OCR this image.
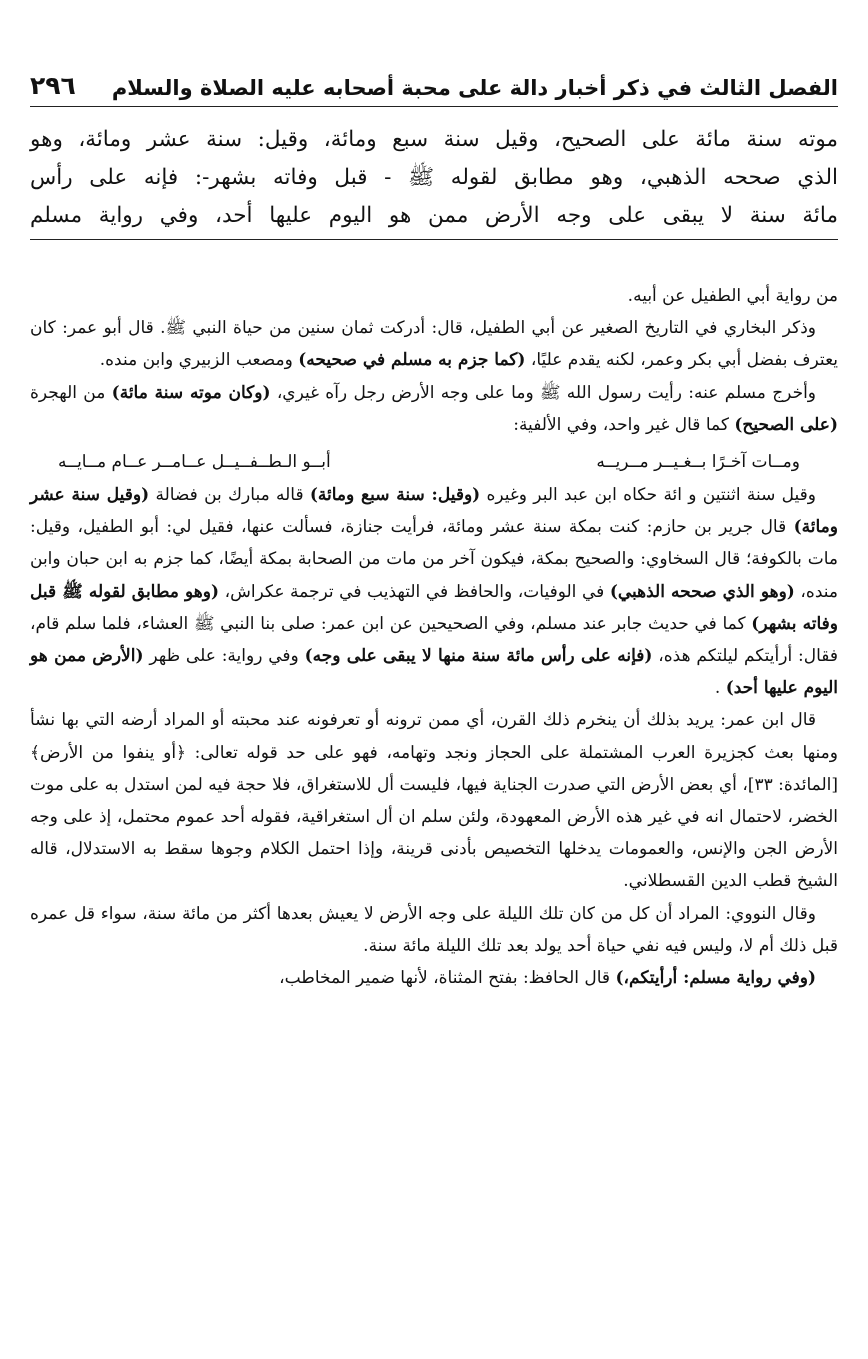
الفصل الثالث في ذكر أخبار دالة على محبة أصحابه عليه الصلاة والسلام
٢٩٦

موته سنة مائة على الصحيح، وقيل سنة سبع ومائة، وقيل: سنة عشر ومائة، وهو

الذي صححه الذهبي، وهو مطابق لقوله ﷺ - قبل وفاته بشهر-: فإنه على رأس

مائة سنة لا يبقى على وجه الأرض ممن هو اليوم عليها أحد، وفي رواية مسلم

من رواية أبي الطفيل عن أبيه.

وذكر البخاري في التاريخ الصغير عن أبي الطفيل، قال: أدركت ثمان سنين من حياة النبي ﷺ. قال أبو عمر: كان يعترف بفضل أبي بكر وعمر، لكنه يقدم عليًا، (كما جزم به مسلم في صحيحه) ومصعب الزبيري وابن منده.

وأخرج مسلم عنه: رأيت رسول الله ﷺ وما على وجه الأرض رجل رآه غيري، (وكان موته سنة مائة) من الهجرة (على الصحيح) كما قال غير واحد، وفي الألفية:

ومــات آخـرًا بــغـيــر مــريــه
أبــو الـطــفــيــل عــامــر عــام مــايــه

وقيل سنة اثنتين و ائة حكاه ابن عبد البر وغيره (وقيل: سنة سبع ومائة) قاله مبارك بن فضالة (وقيل سنة عشر ومائة) قال جرير بن حازم: كنت بمكة سنة عشر ومائة، فرأيت جنازة، فسألت عنها، فقيل لي: أبو الطفيل، وقيل: مات بالكوفة؛ قال السخاوي: والصحيح بمكة، فيكون آخر من مات من الصحابة بمكة أيضًا، كما جزم به ابن حبان وابن منده، (وهو الذي صححه الذهبي) في الوفيات، والحافظ في التهذيب في ترجمة عكراش، (وهو مطابق لقوله ﷺ قبل وفاته بشهر) كما في حديث جابر عند مسلم، وفي الصحيحين عن ابن عمر: صلى بنا النبي ﷺ العشاء، فلما سلم قام، فقال: أرأيتكم ليلتكم هذه، (فإنه على رأس مائة سنة منها لا يبقى على وجه) وفي رواية: على ظهر (الأرض ممن هو اليوم عليها أحد) .

قال ابن عمر: يريد بذلك أن ينخرم ذلك القرن، أي ممن ترونه أو تعرفونه عند محبته أو المراد أرضه التي بها نشأ ومنها بعث كجزيرة العرب المشتملة على الحجاز ونجد وتهامه، فهو على حد قوله تعالى: ﴿أو ينفوا من الأرض﴾ [المائدة: ٣٣]، أي بعض الأرض التي صدرت الجناية فيها، فليست أل للاستغراق، فلا حجة فيه لمن استدل به على موت الخضر، لاحتمال انه في غير هذه الأرض المعهودة، ولئن سلم ان أل استغراقية، فقوله أحد عموم محتمل، إذ على وجه الأرض الجن والإنس، والعمومات يدخلها التخصيص بأدنى قرينة، وإذا احتمل الكلام وجوها سقط به الاستدلال، قاله الشيخ قطب الدين القسطلاني.

وقال النووي: المراد أن كل من كان تلك الليلة على وجه الأرض لا يعيش بعدها أكثر من مائة سنة، سواء قل عمره قبل ذلك أم لا، وليس فيه نفي حياة أحد يولد بعد تلك الليلة مائة سنة.

(وفي رواية مسلم: أرأيتكم،) قال الحافظ: بفتح المثناة، لأنها ضمير المخاطب،
